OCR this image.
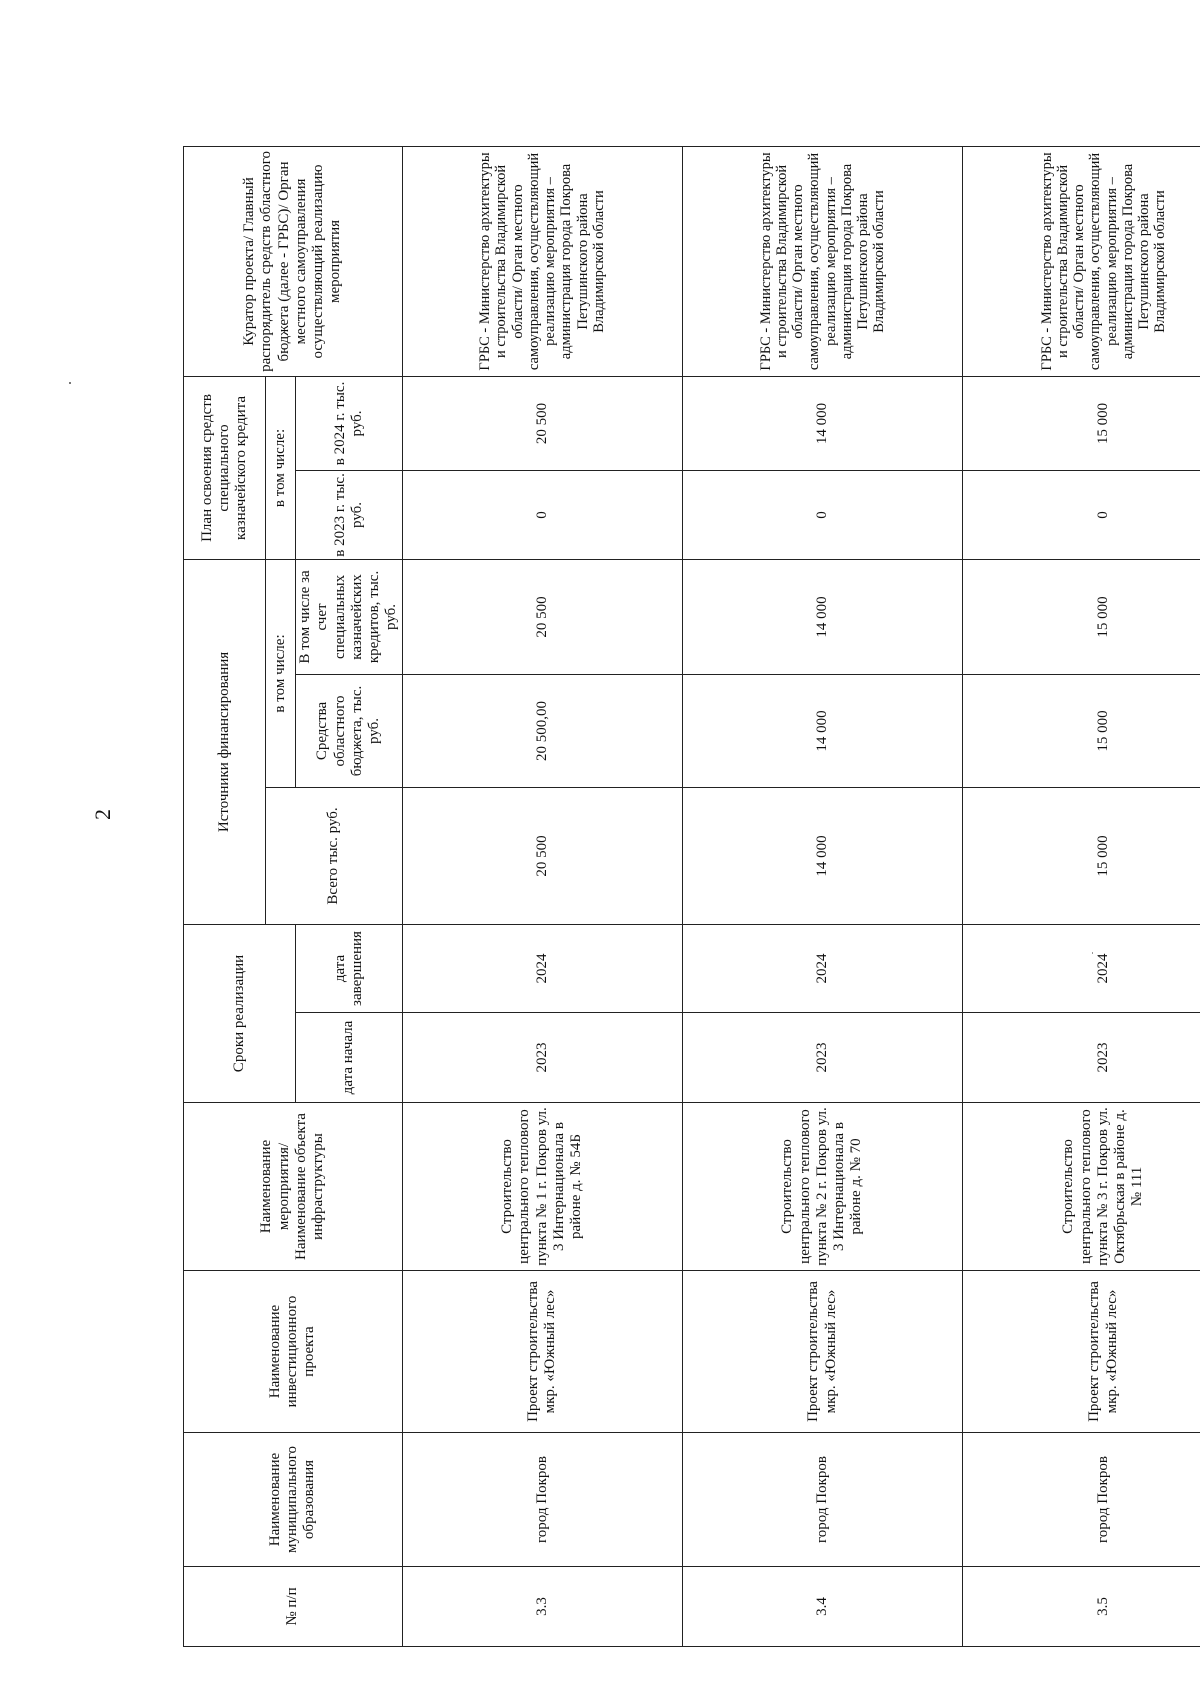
2
№ п/п	Наименование муниципального образования	Наименование инвестиционного проекта	Наименование мероприятия/ Наименование объекта инфраструктуры	Сроки реализации		Источники финансирования			План освоения средств специального казначейского кредита		Куратор проекта/ Главный распорядитель средств областного бюджета (далее - ГРБС)/ Орган местного самоуправления осуществляющий реализацию мероприятия
						Всего тыс. руб.	в том числе:		в том числе:		
				дата начала	дата завершения		Средства областного бюджета, тыс. руб.	В том числе за счет специальных казначейских кредитов, тыс. руб.	в 2023 г. тыс. руб.	в 2024 г. тыс. руб.	
3.3	город Покров	Проект строительства мкр. «Южный лес»	Строительство центрального теплового пункта № 1 г. Покров ул. 3 Интернационала в районе д. № 54Б	2023	2024	20 500	20 500,00	20 500	0	20 500	ГРБС - Министерство архитектуры и строительства Владимирской области/ Орган местного самоуправления, осуществляющий реализацию мероприятия – администрация города Покрова Петушинского района Владимирской области
3.4	город Покров	Проект строительства мкр. «Южный лес»	Строительство центрального теплового пункта № 2 г. Покров ул. 3 Интернационала в районе д. № 70	2023	2024	14 000	14 000	14 000	0	14 000	ГРБС - Министерство архитектуры и строительства Владимирской области/ Орган местного самоуправления, осуществляющий реализацию мероприятия – администрация города Покрова Петушинского района Владимирской области
3.5	город Покров	Проект строительства мкр. «Южный лес»	Строительство центрального теплового пункта № 3 г. Покров ул. Октябрьская в районе д. № 111	2023	2024	15 000	15 000	15 000	0	15 000	ГРБС - Министерство архитектуры и строительства Владимирской области/ Орган местного самоуправления, осуществляющий реализацию мероприятия – администрация города Покрова Петушинского района Владимирской области
